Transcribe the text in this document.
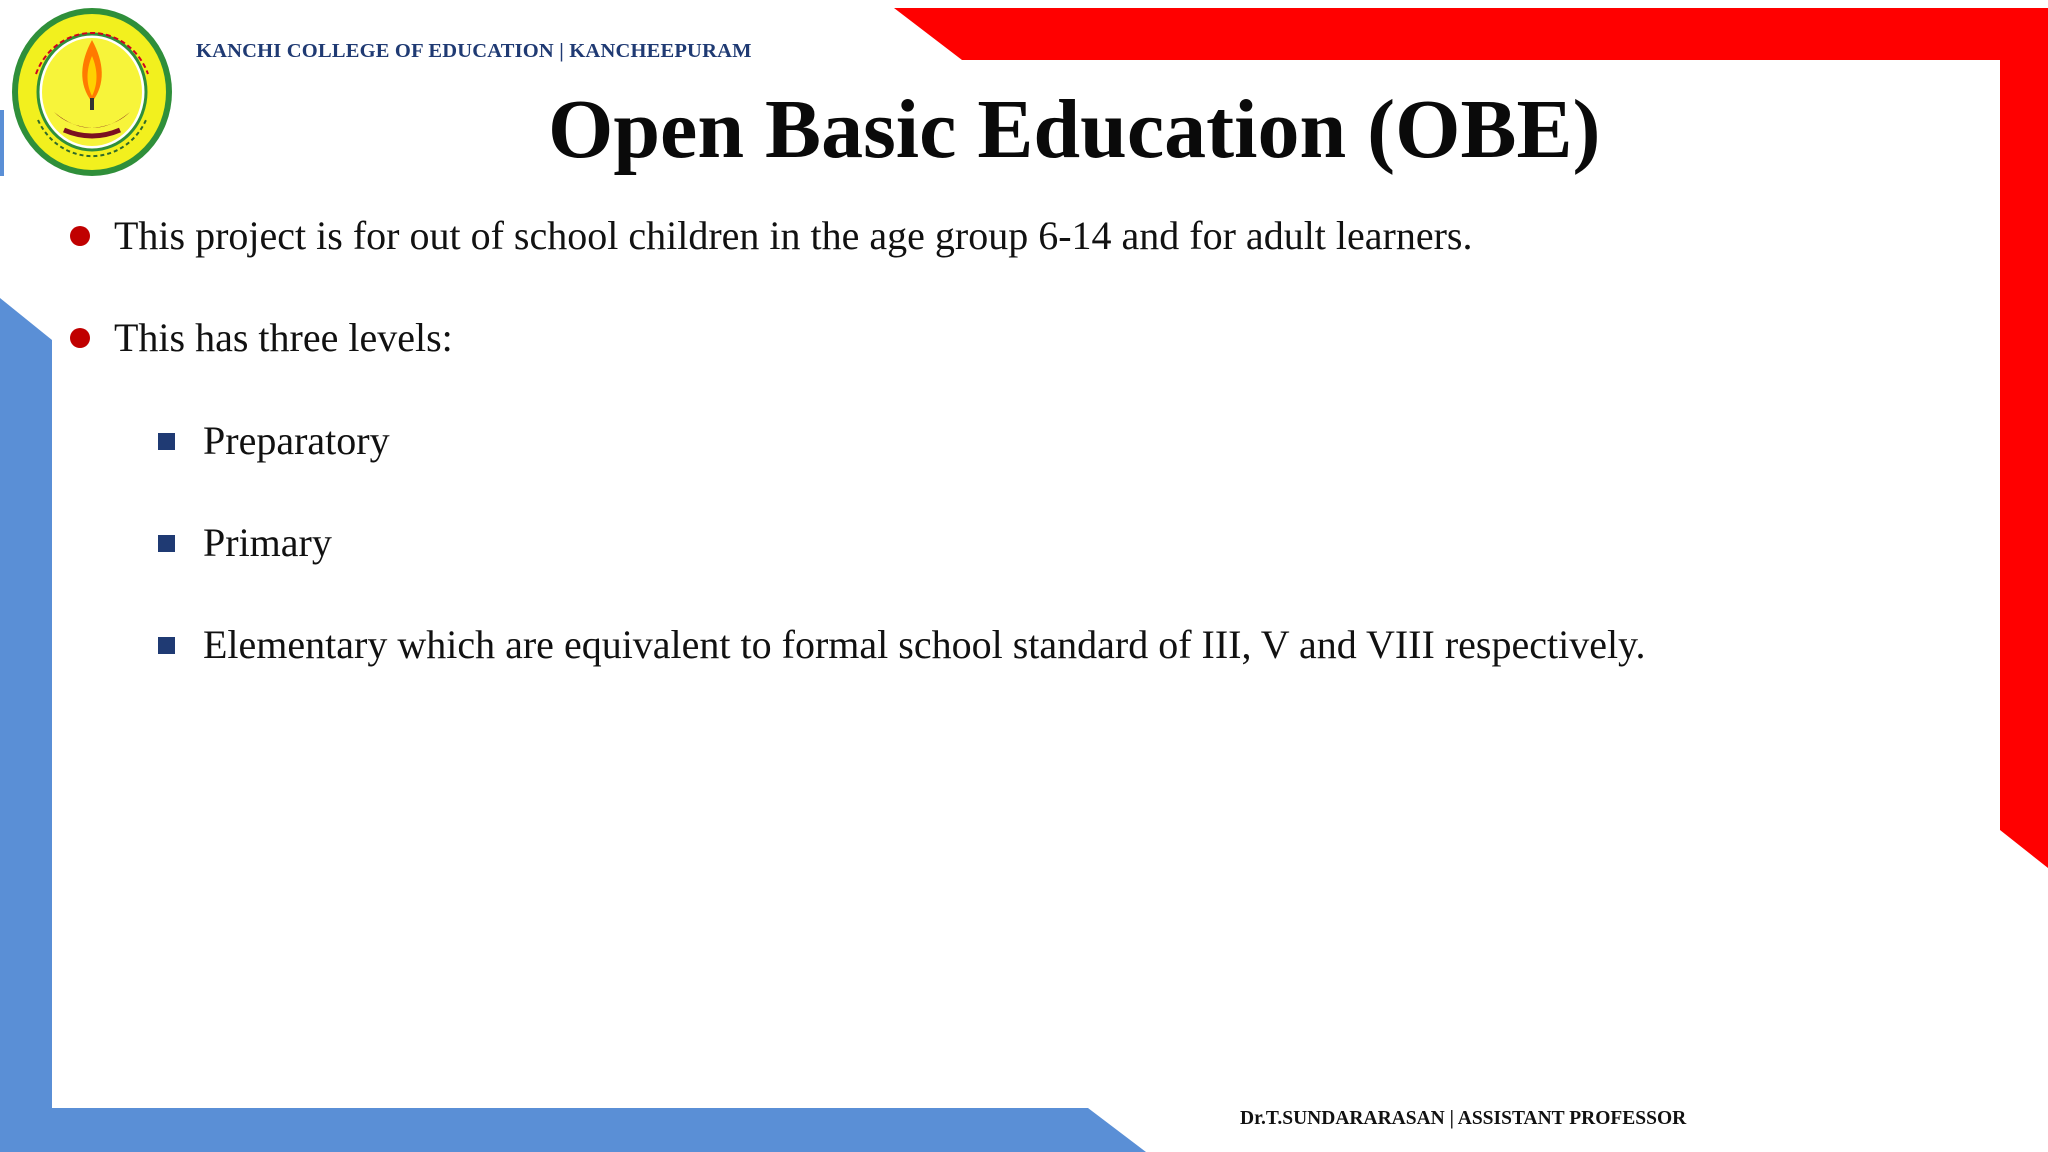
KANCHI COLLEGE OF EDUCATION | KANCHEEPURAM
Open Basic Education (OBE)
This project is for out of school children in the age group 6-14 and for adult learners.
This has three levels:
Preparatory
Primary
Elementary which are equivalent to formal school standard of III, V and VIII respectively.
Dr.T.SUNDARARASAN | ASSISTANT PROFESSOR
